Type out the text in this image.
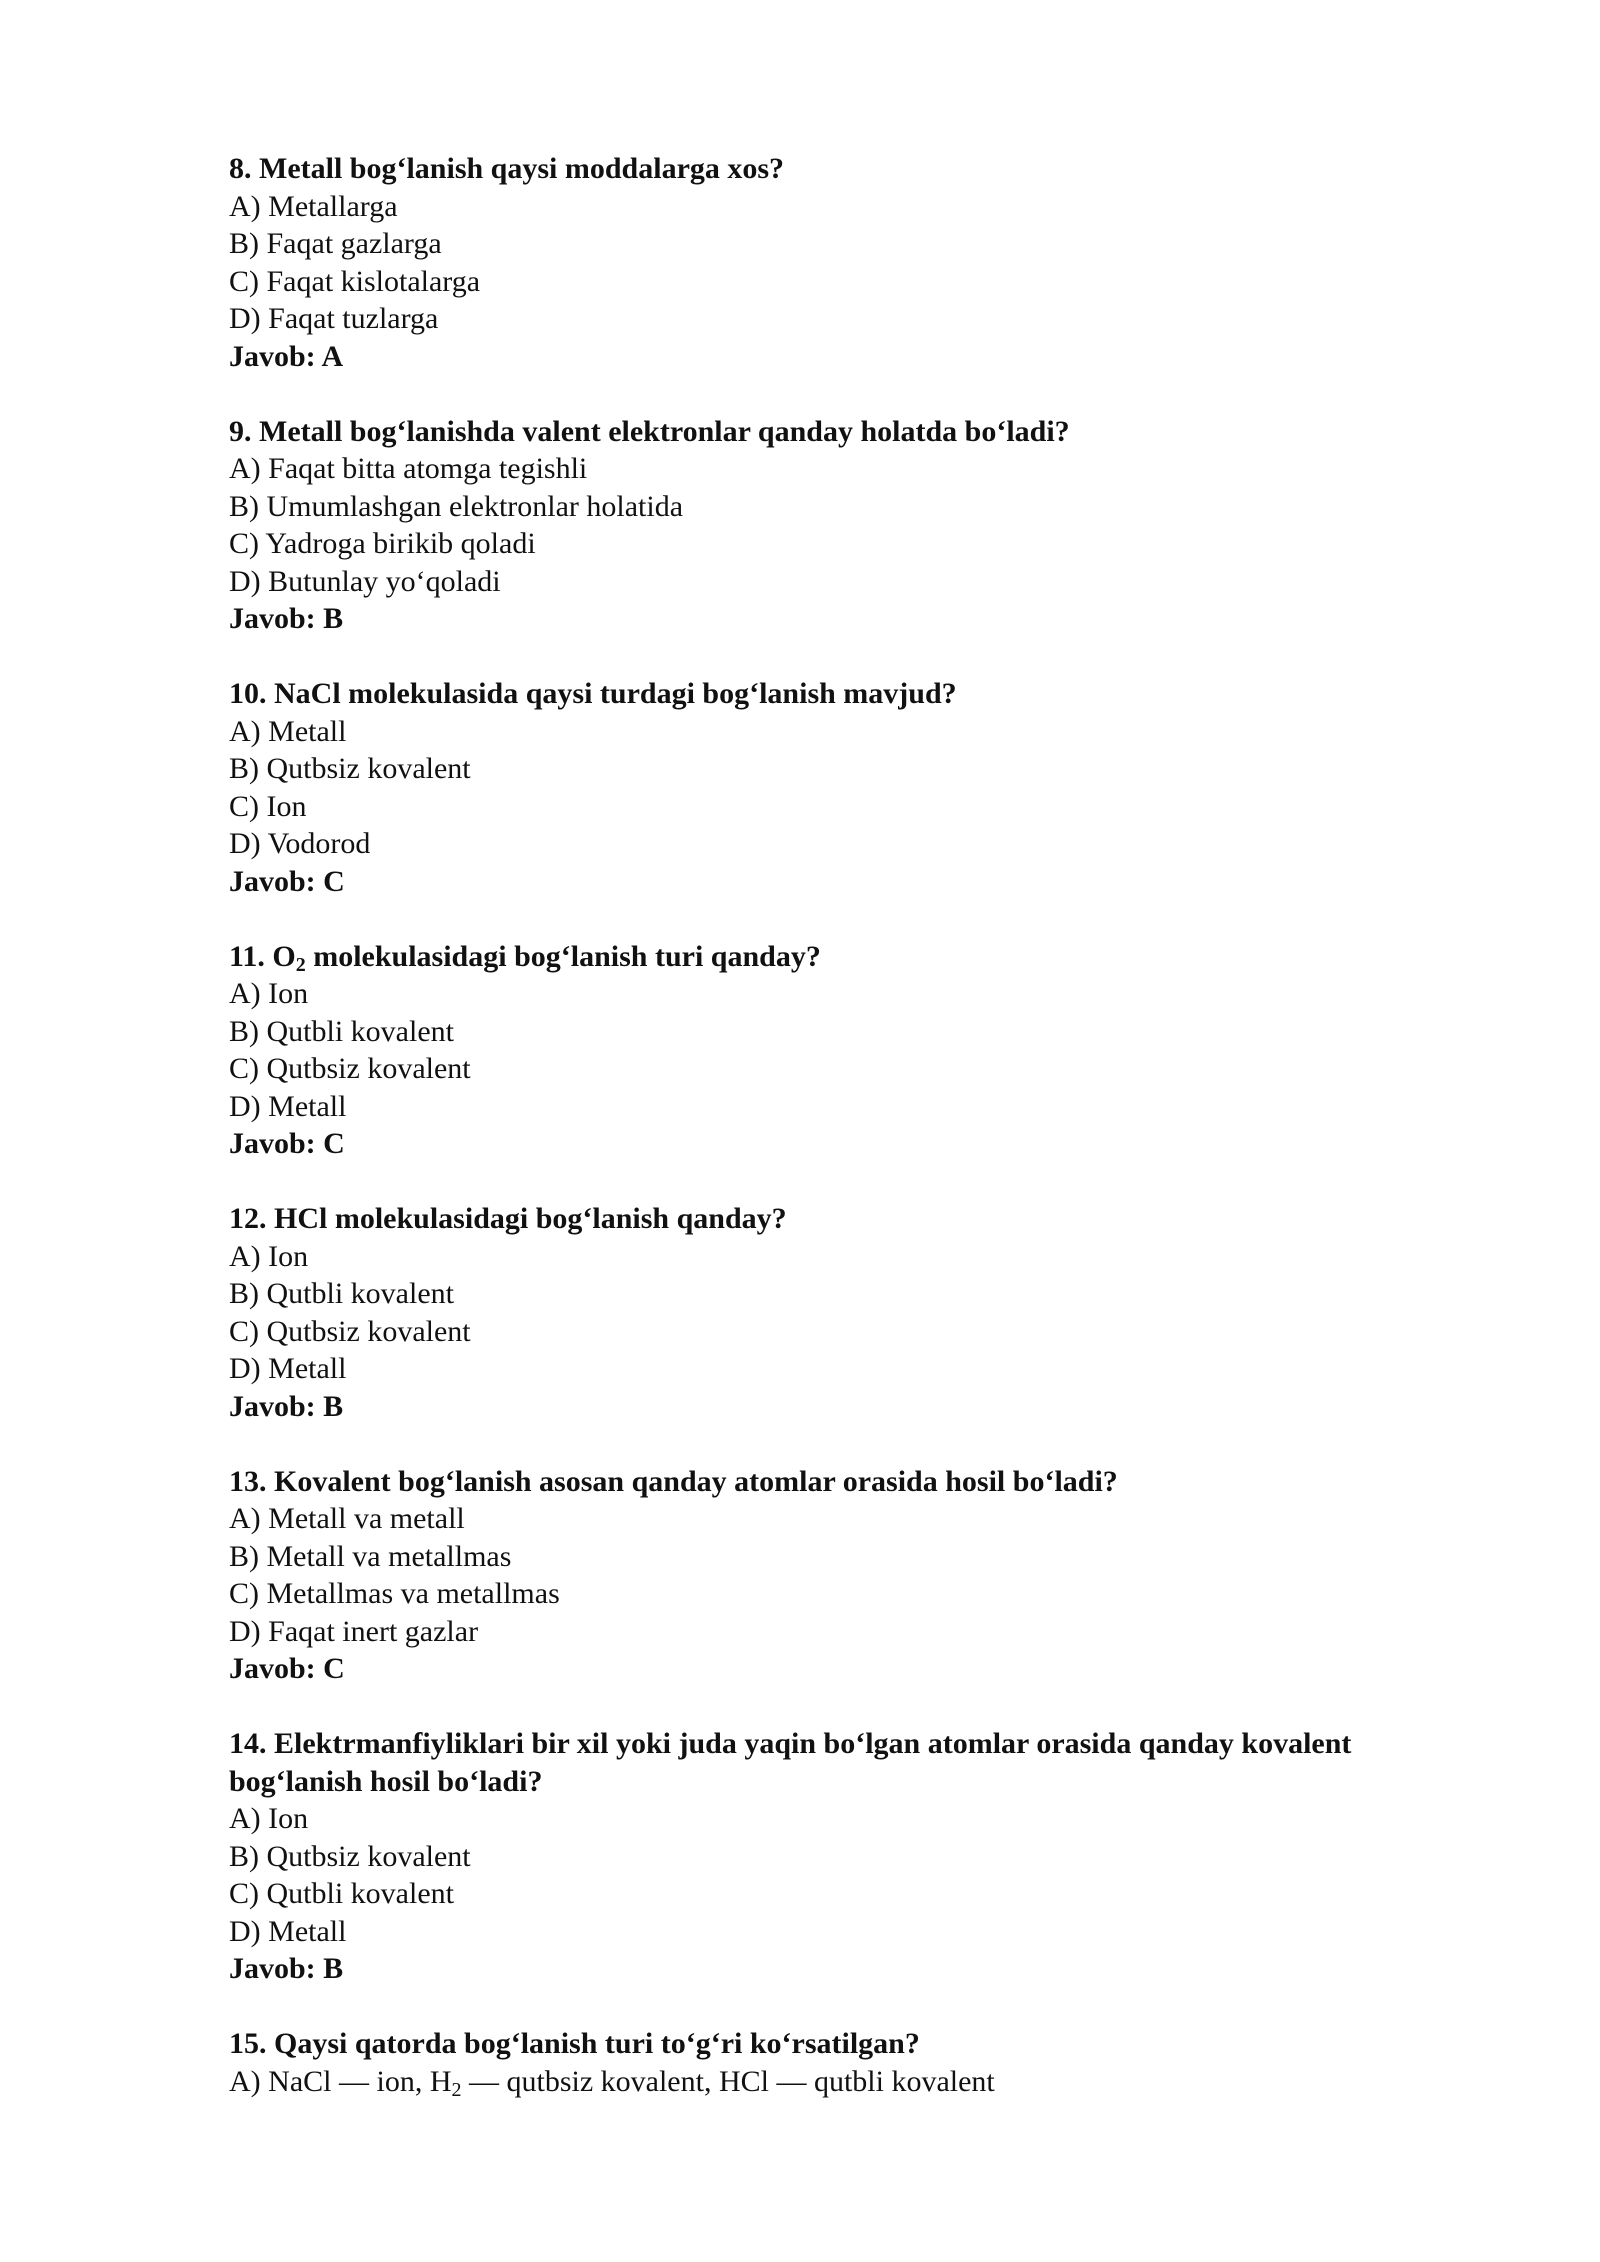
8. Metall bog‘lanish qaysi moddalarga xos?
A) Metallarga
B) Faqat gazlarga
C) Faqat kislotalarga
D) Faqat tuzlarga
Javob: A
9. Metall bog‘lanishda valent elektronlar qanday holatda bo‘ladi?
A) Faqat bitta atomga tegishli
B) Umumlashgan elektronlar holatida
C) Yadroga birikib qoladi
D) Butunlay yo‘qoladi
Javob: B
10. NaCl molekulasida qaysi turdagi bog‘lanish mavjud?
A) Metall
B) Qutbsiz kovalent
C) Ion
D) Vodorod
Javob: C
11. $O_2$ molekulasidagi bog‘lanish turi qanday?
A) Ion
B) Qutbli kovalent
C) Qutbsiz kovalent
D) Metall
Javob: C
12. HCl molekulasidagi bog‘lanish qanday?
A) Ion
B) Qutbli kovalent
C) Qutbsiz kovalent
D) Metall
Javob: B
13. Kovalent bog‘lanish asosan qanday atomlar orasida hosil bo‘ladi?
A) Metall va metall
B) Metall va metallmas
C) Metallmas va metallmas
D) Faqat inert gazlar
Javob: C
14. Elektrmanfiyliklari bir xil yoki juda yaqin bo‘lgan atomlar orasida qanday kovalent bog‘lanish hosil bo‘ladi?
A) Ion
B) Qutbsiz kovalent
C) Qutbli kovalent
D) Metall
Javob: B
15. Qaysi qatorda bog‘lanish turi to‘g‘ri ko‘rsatilgan?
A) NaCl — ion, $H_2$ — qutbsiz kovalent, HCl — qutbli kovalent
